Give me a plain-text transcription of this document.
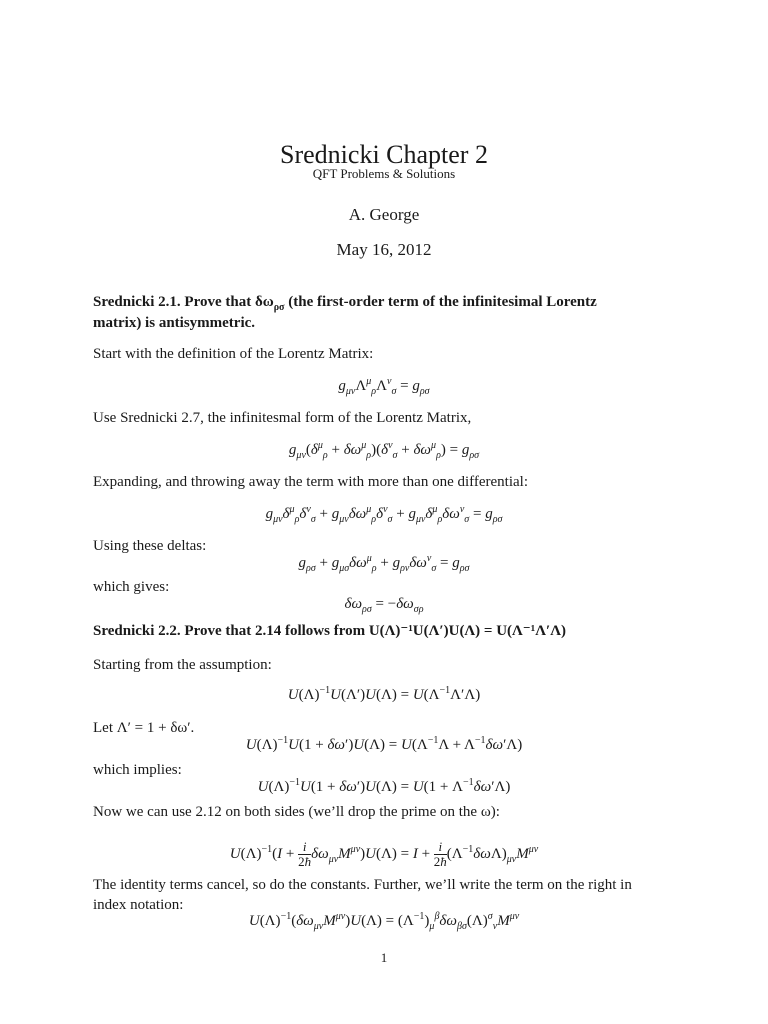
Srednicki Chapter 2
QFT Problems & Solutions
A. George
May 16, 2012
Srednicki 2.1. Prove that $\delta\omega_{\rho\sigma}$ (the first-order term of the infinitesimal Lorentz
matrix) is antisymmetric.
Start with the definition of the Lorentz Matrix:
$g_{\mu\nu}\Lambda^\mu_\rho\Lambda^\nu_\sigma = g_{\rho\sigma}$
Use Srednicki 2.7, the infinitesmal form of the Lorentz Matrix,
$g_{\mu\nu}(\delta^\mu_\rho + \delta\omega^\mu_\rho)(\delta^\nu_\sigma + \delta\omega^\mu_\rho) = g_{\rho\sigma}$
Expanding, and throwing away the term with more than one differential:
$g_{\mu\nu}\delta^\mu_\rho\delta^\nu_\sigma + g_{\mu\nu}\delta\omega^\mu_\rho\delta^\nu_\sigma + g_{\mu\nu}\delta^\mu_\rho\delta\omega^\nu_\sigma = g_{\rho\sigma}$
Using these deltas:
$g_{\rho\sigma} + g_{\mu\sigma}\delta\omega^\mu_\rho + g_{\rho\nu}\delta\omega^\nu_\sigma = g_{\rho\sigma}$
which gives:
$\delta\omega_{\rho\sigma} = -\delta\omega_{\sigma\rho}$
Srednicki 2.2. Prove that 2.14 follows from U(Λ)⁻¹U(Λ′)U(Λ) = U(Λ⁻¹Λ′Λ)
Starting from the assumption:
$U(\Lambda)^{-1}U(\Lambda')U(\Lambda) = U(\Lambda^{-1}\Lambda'\Lambda)$
Let Λ′ = 1 + δω′.
$U(\Lambda)^{-1}U(1 + \delta\omega')U(\Lambda) = U(\Lambda^{-1}\Lambda + \Lambda^{-1}\delta\omega'\Lambda)$
which implies:
$U(\Lambda)^{-1}U(1 + \delta\omega')U(\Lambda) = U(1 + \Lambda^{-1}\delta\omega'\Lambda)$
Now we can use 2.12 on both sides (we’ll drop the prime on the ω):
$U(\Lambda)^{-1}(I + \frac{i}{2ħ} \delta\omega_{\mu\nu}M^{\mu\nu})U(\Lambda) = I + \frac{i}{2ħ} (\Lambda^{-1}\delta\omega\Lambda)_{\mu\nu}M^{\mu\nu}$
The identity terms cancel, so do the constants. Further, we’ll write the term on the right in
index notation:
$U(\Lambda)^{-1}(\delta\omega_{\mu\nu}M^{\mu\nu})U(\Lambda) = (\Lambda^{-1})_\mu^\beta\delta\omega_{\beta\sigma}(\Lambda)^\sigma_\nu M^{\mu\nu}$
1
